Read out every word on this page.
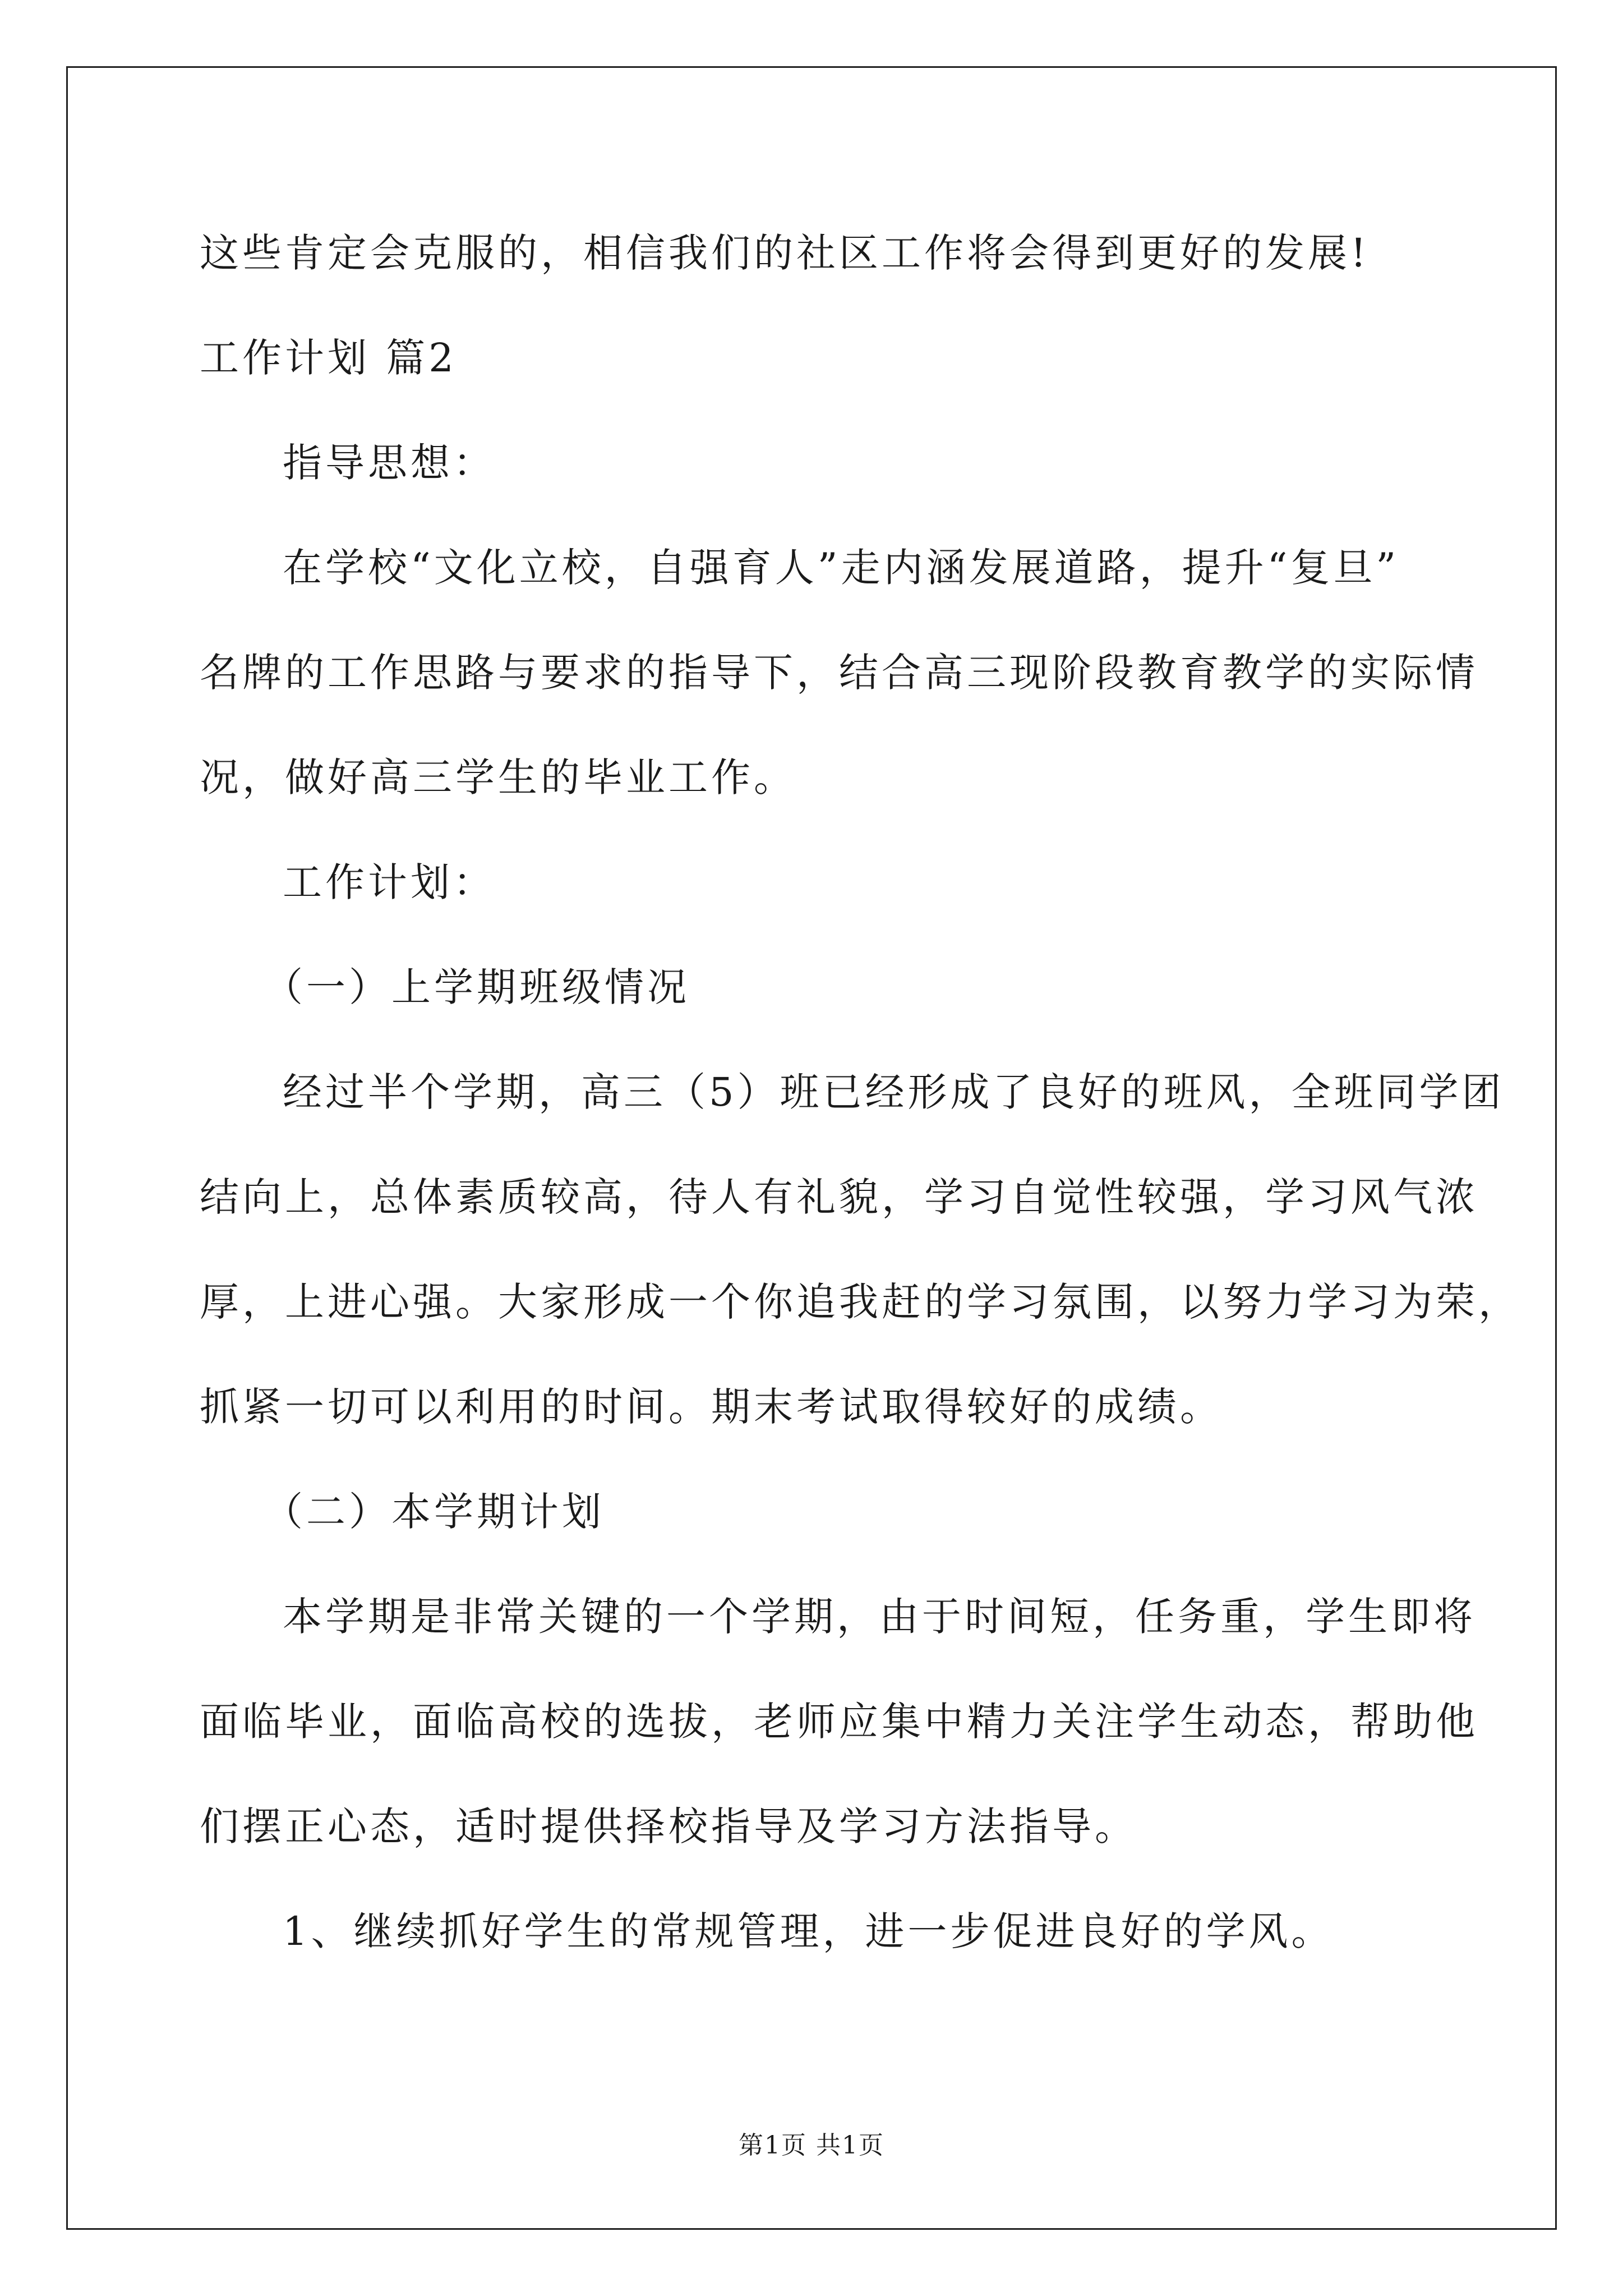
这些肯定会克服的，相信我们的社区工作将会得到更好的发展!
工作计划 篇2
指导思想：
在学校“文化立校，自强育人”走内涵发展道路，提升“复旦”
名牌的工作思路与要求的指导下，结合高三现阶段教育教学的实际情
况，做好高三学生的毕业工作。
工作计划：
（一）上学期班级情况
经过半个学期，高三（5）班已经形成了良好的班风，全班同学团
结向上，总体素质较高，待人有礼貌，学习自觉性较强，学习风气浓
厚，上进心强。大家形成一个你追我赶的学习氛围，以努力学习为荣，
抓紧一切可以利用的时间。期末考试取得较好的成绩。
（二）本学期计划
本学期是非常关键的一个学期，由于时间短，任务重，学生即将
面临毕业，面临高校的选拔，老师应集中精力关注学生动态，帮助他
们摆正心态，适时提供择校指导及学习方法指导。
1、继续抓好学生的常规管理，进一步促进良好的学风。
第1页 共1页
